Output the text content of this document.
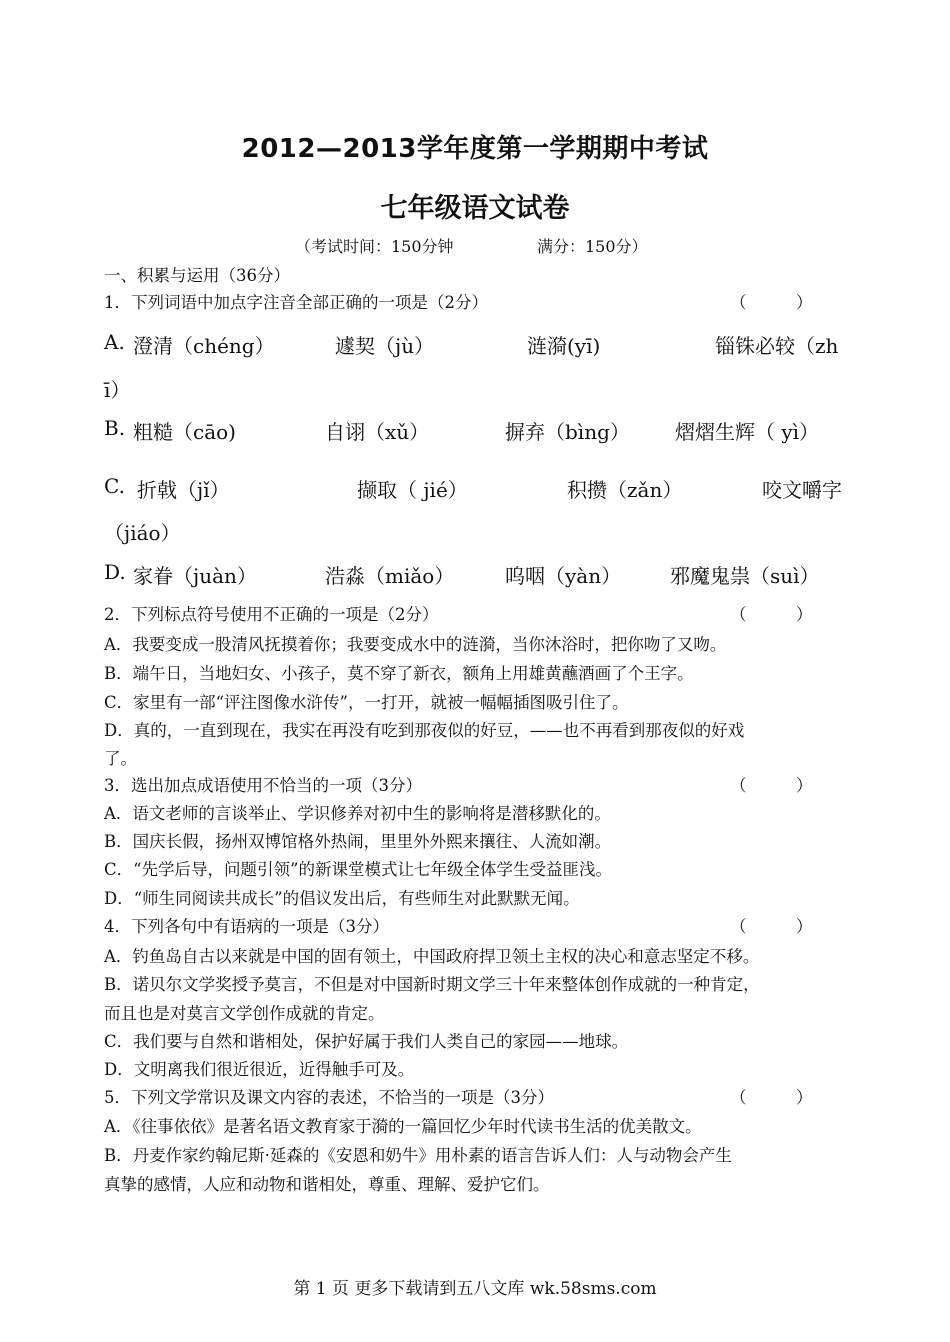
2012—2013学年度第一学期期中考试
七年级语文试卷
（考试时间：150分钟	满分：150分）
一、积累与运用（36分）
1．下列词语中加点字注音全部正确的一项是（2分）	（　　　）
A. 澄清（chéng）	遽契（jù）	涟漪(yī)	锱铢必较（zh
ī）
B. 粗糙（cāo)	自诩（xǔ）	摒弃（bìng） 熠熠生辉（ yì）
C. 折戟（jǐ）	撷取（ jié）	积攒（zǎn）	咬文嚼字
（jiáo）
D. 家眷（juàn）	浩淼（miǎo）	呜咽（yàn） 邪魔鬼祟（suì）
2．下列标点符号使用不正确的一项是（2分）	（　　　）
A．我要变成一股清风抚摸着你；我要变成水中的涟漪，当你沐浴时，把你吻了又吻。
B．端午日，当地妇女、小孩子，莫不穿了新衣，额角上用雄黄蘸酒画了个王字。
C．家里有一部“评注图像水浒传”，一打开，就被一幅幅插图吸引住了。
D．真的，一直到现在，我实在再没有吃到那夜似的好豆，——也不再看到那夜似的好戏
了。
3．选出加点成语使用不恰当的一项（3分）	（　　　）
A．语文老师的言谈举止、学识修养对初中生的影响将是潜移默化的。
B．国庆长假，扬州双博馆格外热闹，里里外外熙来攘往、人流如潮。
C．“先学后导，问题引领”的新课堂模式让七年级全体学生受益匪浅。
D．“师生同阅读共成长”的倡议发出后，有些师生对此默默无闻。
4．下列各句中有语病的一项是（3分）	（　　　）
A．钓鱼岛自古以来就是中国的固有领土，中国政府捍卫领土主权的决心和意志坚定不移。
B．诺贝尔文学奖授予莫言，不但是对中国新时期文学三十年来整体创作成就的一种肯定，
而且也是对莫言文学创作成就的肯定。
C．我们要与自然和谐相处，保护好属于我们人类自己的家园——地球。
D．文明离我们很近很近，近得触手可及。
5．下列文学常识及课文内容的表述，不恰当的一项是（3分）	（　　　）
A．《往事依依》是著名语文教育家于漪的一篇回忆少年时代读书生活的优美散文。
B．丹麦作家约翰尼斯·延森的《安恩和奶牛》用朴素的语言告诉人们：人与动物会产生
真挚的感情，人应和动物和谐相处，尊重、理解、爱护它们。
第 1 页 更多下载请到五八文库 wk.58sms.com
